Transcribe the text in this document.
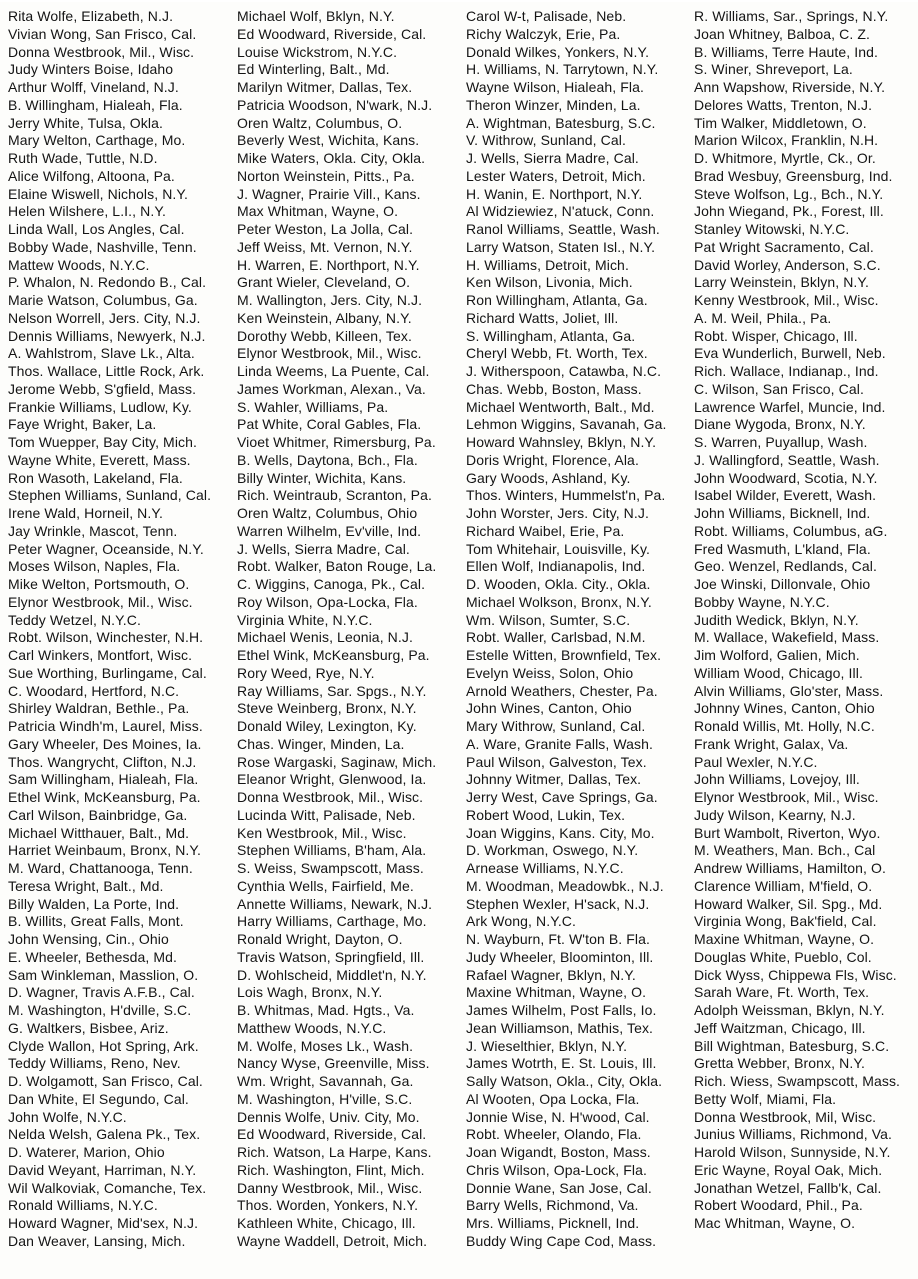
Rita Wolfe, Elizabeth, N.J.
Vivian Wong, San Frisco, Cal.
Donna Westbrook, Mil., Wisc.
Judy Winters Boise, Idaho
Arthur Wolff, Vineland, N.J.
B. Willingham, Hialeah, Fla.
Jerry White, Tulsa, Okla.
Mary Welton, Carthage, Mo.
Ruth Wade, Tuttle, N.D.
Alice Wilfong, Altoona, Pa.
Elaine Wiswell, Nichols, N.Y.
Helen Wilshere, L.I., N.Y.
Linda Wall, Los Angles, Cal.
Bobby Wade, Nashville, Tenn.
Mattew Woods, N.Y.C.
P. Whalon, N. Redondo B., Cal.
Marie Watson, Columbus, Ga.
Nelson Worrell, Jers. City, N.J.
Dennis Williams, Newyerk, N.J.
A. Wahlstrom, Slave Lk., Alta.
Thos. Wallace, Little Rock, Ark.
Jerome Webb, S'gfield, Mass.
Frankie Williams, Ludlow, Ky.
Faye Wright, Baker, La.
Tom Wuepper, Bay City, Mich.
Wayne White, Everett, Mass.
Ron Wasoth, Lakeland, Fla.
Stephen Williams, Sunland, Cal.
Irene Wald, Horneil, N.Y.
Jay Wrinkle, Mascot, Tenn.
Peter Wagner, Oceanside, N.Y.
Moses Wilson, Naples, Fla.
Mike Welton, Portsmouth, O.
Elynor Westbrook, Mil., Wisc.
Teddy Wetzel, N.Y.C.
Robt. Wilson, Winchester, N.H.
Carl Winkers, Montfort, Wisc.
Sue Worthing, Burlingame, Cal.
C. Woodard, Hertford, N.C.
Shirley Waldran, Bethle., Pa.
Patricia Windh'm, Laurel, Miss.
Gary Wheeler, Des Moines, Ia.
Thos. Wangrycht, Clifton, N.J.
Sam Willingham, Hialeah, Fla.
Ethel Wink, McKeansburg, Pa.
Carl Wilson, Bainbridge, Ga.
Michael Witthauer, Balt., Md.
Harriet Weinbaum, Bronx, N.Y.
M. Ward, Chattanooga, Tenn.
Teresa Wright, Balt., Md.
Billy Walden, La Porte, Ind.
B. Willits, Great Falls, Mont.
John Wensing, Cin., Ohio
E. Wheeler, Bethesda, Md.
Sam Winkleman, Masslion, O.
D. Wagner, Travis A.F.B., Cal.
M. Washington, H'dville, S.C.
G. Waltkers, Bisbee, Ariz.
Clyde Wallon, Hot Spring, Ark.
Teddy Williams, Reno, Nev.
D. Wolgamott, San Frisco, Cal.
Dan White, El Segundo, Cal.
John Wolfe, N.Y.C.
Nelda Welsh, Galena Pk., Tex.
D. Waterer, Marion, Ohio
David Weyant, Harriman, N.Y.
Wil Walkoviak, Comanche, Tex.
Ronald Williams, N.Y.C.
Howard Wagner, Mid'sex, N.J.
Dan Weaver, Lansing, Mich.
Michael Wolf, Bklyn, N.Y.
Ed Woodward, Riverside, Cal.
Louise Wickstrom, N.Y.C.
Ed Winterling, Balt., Md.
Marilyn Witmer, Dallas, Tex.
Patricia Woodson, N'wark, N.J.
Oren Waltz, Columbus, O.
Beverly West, Wichita, Kans.
Mike Waters, Okla. City, Okla.
Norton Weinstein, Pitts., Pa.
J. Wagner, Prairie Vill., Kans.
Max Whitman, Wayne, O.
Peter Weston, La Jolla, Cal.
Jeff Weiss, Mt. Vernon, N.Y.
H. Warren, E. Northport, N.Y.
Grant Wieler, Cleveland, O.
M. Wallington, Jers. City, N.J.
Ken Weinstein, Albany, N.Y.
Dorothy Webb, Killeen, Tex.
Elynor Westbrook, Mil., Wisc.
Linda Weems, La Puente, Cal.
James Workman, Alexan., Va.
S. Wahler, Williams, Pa.
Pat White, Coral Gables, Fla.
Vioet Whitmer, Rimersburg, Pa.
B. Wells, Daytona, Bch., Fla.
Billy Winter, Wichita, Kans.
Rich. Weintraub, Scranton, Pa.
Oren Waltz, Columbus, Ohio
Warren Wilhelm, Ev'ville, Ind.
J. Wells, Sierra Madre, Cal.
Robt. Walker, Baton Rouge, La.
C. Wiggins, Canoga, Pk., Cal.
Roy Wilson, Opa-Locka, Fla.
Virginia White, N.Y.C.
Michael Wenis, Leonia, N.J.
Ethel Wink, McKeansburg, Pa.
Rory Weed, Rye, N.Y.
Ray Williams, Sar. Spgs., N.Y.
Steve Weinberg, Bronx, N.Y.
Donald Wiley, Lexington, Ky.
Chas. Winger, Minden, La.
Rose Wargaski, Saginaw, Mich.
Eleanor Wright, Glenwood, Ia.
Donna Westbrook, Mil., Wisc.
Lucinda Witt, Palisade, Neb.
Ken Westbrook, Mil., Wisc.
Stephen Williams, B'ham, Ala.
S. Weiss, Swampscott, Mass.
Cynthia Wells, Fairfield, Me.
Annette Williams, Newark, N.J.
Harry Williams, Carthage, Mo.
Ronald Wright, Dayton, O.
Travis Watson, Springfield, Ill.
D. Wohlscheid, Middlet'n, N.Y.
Lois Wagh, Bronx, N.Y.
B. Whitmas, Mad. Hgts., Va.
Matthew Woods, N.Y.C.
M. Wolfe, Moses Lk., Wash.
Nancy Wyse, Greenville, Miss.
Wm. Wright, Savannah, Ga.
M. Washington, H'ville, S.C.
Dennis Wolfe, Univ. City, Mo.
Ed Woodward, Riverside, Cal.
Rich. Watson, La Harpe, Kans.
Rich. Washington, Flint, Mich.
Danny Westbrook, Mil., Wisc.
Thos. Worden, Yonkers, N.Y.
Kathleen White, Chicago, Ill.
Wayne Waddell, Detroit, Mich.
Carol W-t, Palisade, Neb.
Richy Walczyk, Erie, Pa.
Donald Wilkes, Yonkers, N.Y.
H. Williams, N. Tarrytown, N.Y.
Wayne Wilson, Hialeah, Fla.
Theron Winzer, Minden, La.
A. Wightman, Batesburg, S.C.
V. Withrow, Sunland, Cal.
J. Wells, Sierra Madre, Cal.
Lester Waters, Detroit, Mich.
H. Wanin, E. Northport, N.Y.
Al Widziewiez, N'atuck, Conn.
Ranol Williams, Seattle, Wash.
Larry Watson, Staten Isl., N.Y.
H. Williams, Detroit, Mich.
Ken Wilson, Livonia, Mich.
Ron Willingham, Atlanta, Ga.
Richard Watts, Joliet, Ill.
S. Willingham, Atlanta, Ga.
Cheryl Webb, Ft. Worth, Tex.
J. Witherspoon, Catawba, N.C.
Chas. Webb, Boston, Mass.
Michael Wentworth, Balt., Md.
Lehmon Wiggins, Savanah, Ga.
Howard Wahnsley, Bklyn, N.Y.
Doris Wright, Florence, Ala.
Gary Woods, Ashland, Ky.
Thos. Winters, Hummelst'n, Pa.
John Worster, Jers. City, N.J.
Richard Waibel, Erie, Pa.
Tom Whitehair, Louisville, Ky.
Ellen Wolf, Indianapolis, Ind.
D. Wooden, Okla. City., Okla.
Michael Wolkson, Bronx, N.Y.
Wm. Wilson, Sumter, S.C.
Robt. Waller, Carlsbad, N.M.
Estelle Witten, Brownfield, Tex.
Evelyn Weiss, Solon, Ohio
Arnold Weathers, Chester, Pa.
John Wines, Canton, Ohio
Mary Withrow, Sunland, Cal.
A. Ware, Granite Falls, Wash.
Paul Wilson, Galveston, Tex.
Johnny Witmer, Dallas, Tex.
Jerry West, Cave Springs, Ga.
Robert Wood, Lukin, Tex.
Joan Wiggins, Kans. City, Mo.
D. Workman, Oswego, N.Y.
Arnease Williams, N.Y.C.
M. Woodman, Meadowbk., N.J.
Stephen Wexler, H'sack, N.J.
Ark Wong, N.Y.C.
N. Wayburn, Ft. W'ton B. Fla.
Judy Wheeler, Bloominton, Ill.
Rafael Wagner, Bklyn, N.Y.
Maxine Whitman, Wayne, O.
James Wilhelm, Post Falls, Io.
Jean Williamson, Mathis, Tex.
J. Wieselthier, Bklyn, N.Y.
James Wotrth, E. St. Louis, Ill.
Sally Watson, Okla., City, Okla.
Al Wooten, Opa Locka, Fla.
Jonnie Wise, N. H'wood, Cal.
Robt. Wheeler, Olando, Fla.
Joan Wigandt, Boston, Mass.
Chris Wilson, Opa-Lock, Fla.
Donnie Wane, San Jose, Cal.
Barry Wells, Richmond, Va.
Mrs. Williams, Picknell, Ind.
Buddy Wing Cape Cod, Mass.
R. Williams, Sar., Springs, N.Y.
Joan Whitney, Balboa, C. Z.
B. Williams, Terre Haute, Ind.
S. Winer, Shreveport, La.
Ann Wapshow, Riverside, N.Y.
Delores Watts, Trenton, N.J.
Tim Walker, Middletown, O.
Marion Wilcox, Franklin, N.H.
D. Whitmore, Myrtle, Ck., Or.
Brad Wesbuy, Greensburg, Ind.
Steve Wolfson, Lg., Bch., N.Y.
John Wiegand, Pk., Forest, Ill.
Stanley Witowski, N.Y.C.
Pat Wright Sacramento, Cal.
David Worley, Anderson, S.C.
Larry Weinstein, Bklyn, N.Y.
Kenny Westbrook, Mil., Wisc.
A. M. Weil, Phila., Pa.
Robt. Wisper, Chicago, Ill.
Eva Wunderlich, Burwell, Neb.
Rich. Wallace, Indianap., Ind.
C. Wilson, San Frisco, Cal.
Lawrence Warfel, Muncie, Ind.
Diane Wygoda, Bronx, N.Y.
S. Warren, Puyallup, Wash.
J. Wallingford, Seattle, Wash.
John Woodward, Scotia, N.Y.
Isabel Wilder, Everett, Wash.
John Williams, Bicknell, Ind.
Robt. Williams, Columbus, aG.
Fred Wasmuth, L'kland, Fla.
Geo. Wenzel, Redlands, Cal.
Joe Winski, Dillonvale, Ohio
Bobby Wayne, N.Y.C.
Judith Wedick, Bklyn, N.Y.
M. Wallace, Wakefield, Mass.
Jim Wolford, Galien, Mich.
William Wood, Chicago, Ill.
Alvin Williams, Glo'ster, Mass.
Johnny Wines, Canton, Ohio
Ronald Willis, Mt. Holly, N.C.
Frank Wright, Galax, Va.
Paul Wexler, N.Y.C.
John Williams, Lovejoy, Ill.
Elynor Westbrook, Mil., Wisc.
Judy Wilson, Kearny, N.J.
Burt Wambolt, Riverton, Wyo.
M. Weathers, Man. Bch., Cal
Andrew Williams, Hamilton, O.
Clarence William, M'field, O.
Howard Walker, Sil. Spg., Md.
Virginia Wong, Bak'field, Cal.
Maxine Whitman, Wayne, O.
Douglas White, Pueblo, Col.
Dick Wyss, Chippewa Fls, Wisc.
Sarah Ware, Ft. Worth, Tex.
Adolph Weissman, Bklyn, N.Y.
Jeff Waitzman, Chicago, Ill.
Bill Wightman, Batesburg, S.C.
Gretta Webber, Bronx, N.Y.
Rich. Wiess, Swampscott, Mass.
Betty Wolf, Miami, Fla.
Donna Westbrook, Mil, Wisc.
Junius Williams, Richmond, Va.
Harold Wilson, Sunnyside, N.Y.
Eric Wayne, Royal Oak, Mich.
Jonathan Wetzel, Fallb'k, Cal.
Robert Woodard, Phil., Pa.
Mac Whitman, Wayne, O.
